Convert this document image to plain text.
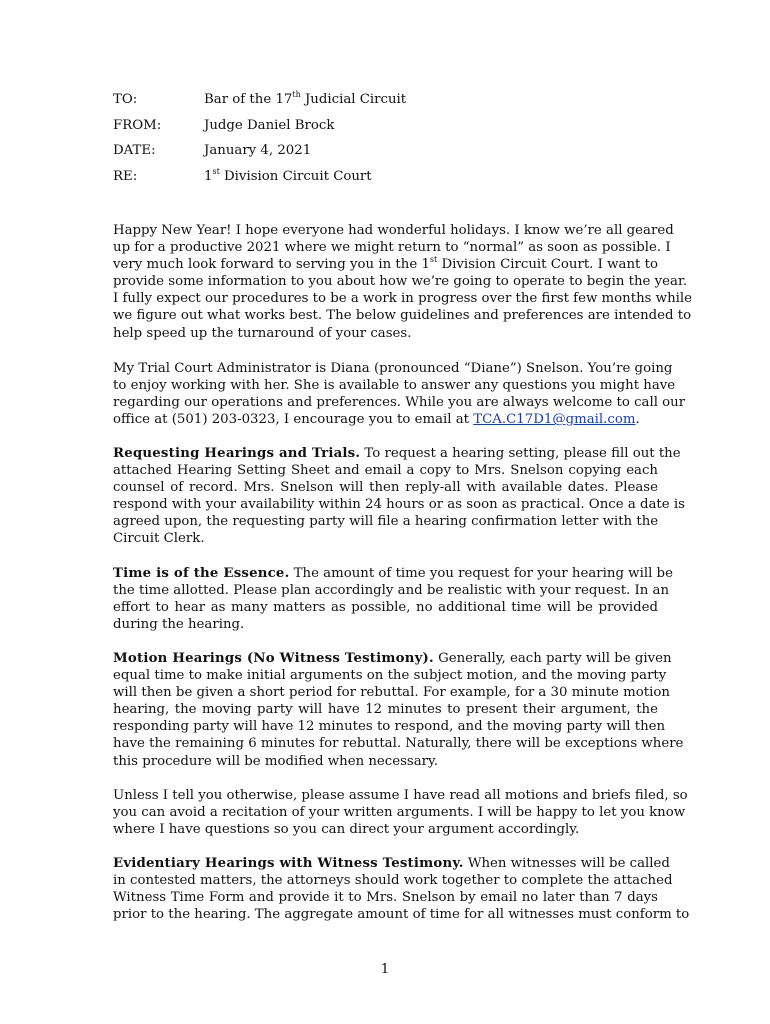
TO:	Bar of the 17th Judicial Circuit
FROM:	Judge Daniel Brock
DATE:	January 4, 2021
RE:	1st Division Circuit Court

Happy New Year! I hope everyone had wonderful holidays. I know we’re all geared
up for a productive 2021 where we might return to “normal” as soon as possible. I
very much look forward to serving you in the 1st Division Circuit Court. I want to
provide some information to you about how we’re going to operate to begin the year.
I fully expect our procedures to be a work in progress over the first few months while
we figure out what works best. The below guidelines and preferences are intended to
help speed up the turnaround of your cases.

My Trial Court Administrator is Diana (pronounced “Diane”) Snelson. You’re going
to enjoy working with her. She is available to answer any questions you might have
regarding our operations and preferences. While you are always welcome to call our
office at (501) 203-0323, I encourage you to email at TCA.C17D1@gmail.com.

Requesting Hearings and Trials. To request a hearing setting, please fill out the
attached Hearing Setting Sheet and email a copy to Mrs. Snelson copying each
counsel of record. Mrs. Snelson will then reply-all with available dates. Please
respond with your availability within 24 hours or as soon as practical. Once a date is
agreed upon, the requesting party will file a hearing confirmation letter with the
Circuit Clerk.

Time is of the Essence. The amount of time you request for your hearing will be
the time allotted. Please plan accordingly and be realistic with your request. In an
effort to hear as many matters as possible, no additional time will be provided
during the hearing.

Motion Hearings (No Witness Testimony). Generally, each party will be given
equal time to make initial arguments on the subject motion, and the moving party
will then be given a short period for rebuttal. For example, for a 30 minute motion
hearing, the moving party will have 12 minutes to present their argument, the
responding party will have 12 minutes to respond, and the moving party will then
have the remaining 6 minutes for rebuttal. Naturally, there will be exceptions where
this procedure will be modified when necessary.

Unless I tell you otherwise, please assume I have read all motions and briefs filed, so
you can avoid a recitation of your written arguments. I will be happy to let you know
where I have questions so you can direct your argument accordingly.

Evidentiary Hearings with Witness Testimony. When witnesses will be called
in contested matters, the attorneys should work together to complete the attached
Witness Time Form and provide it to Mrs. Snelson by email no later than 7 days
prior to the hearing. The aggregate amount of time for all witnesses must conform to

1
